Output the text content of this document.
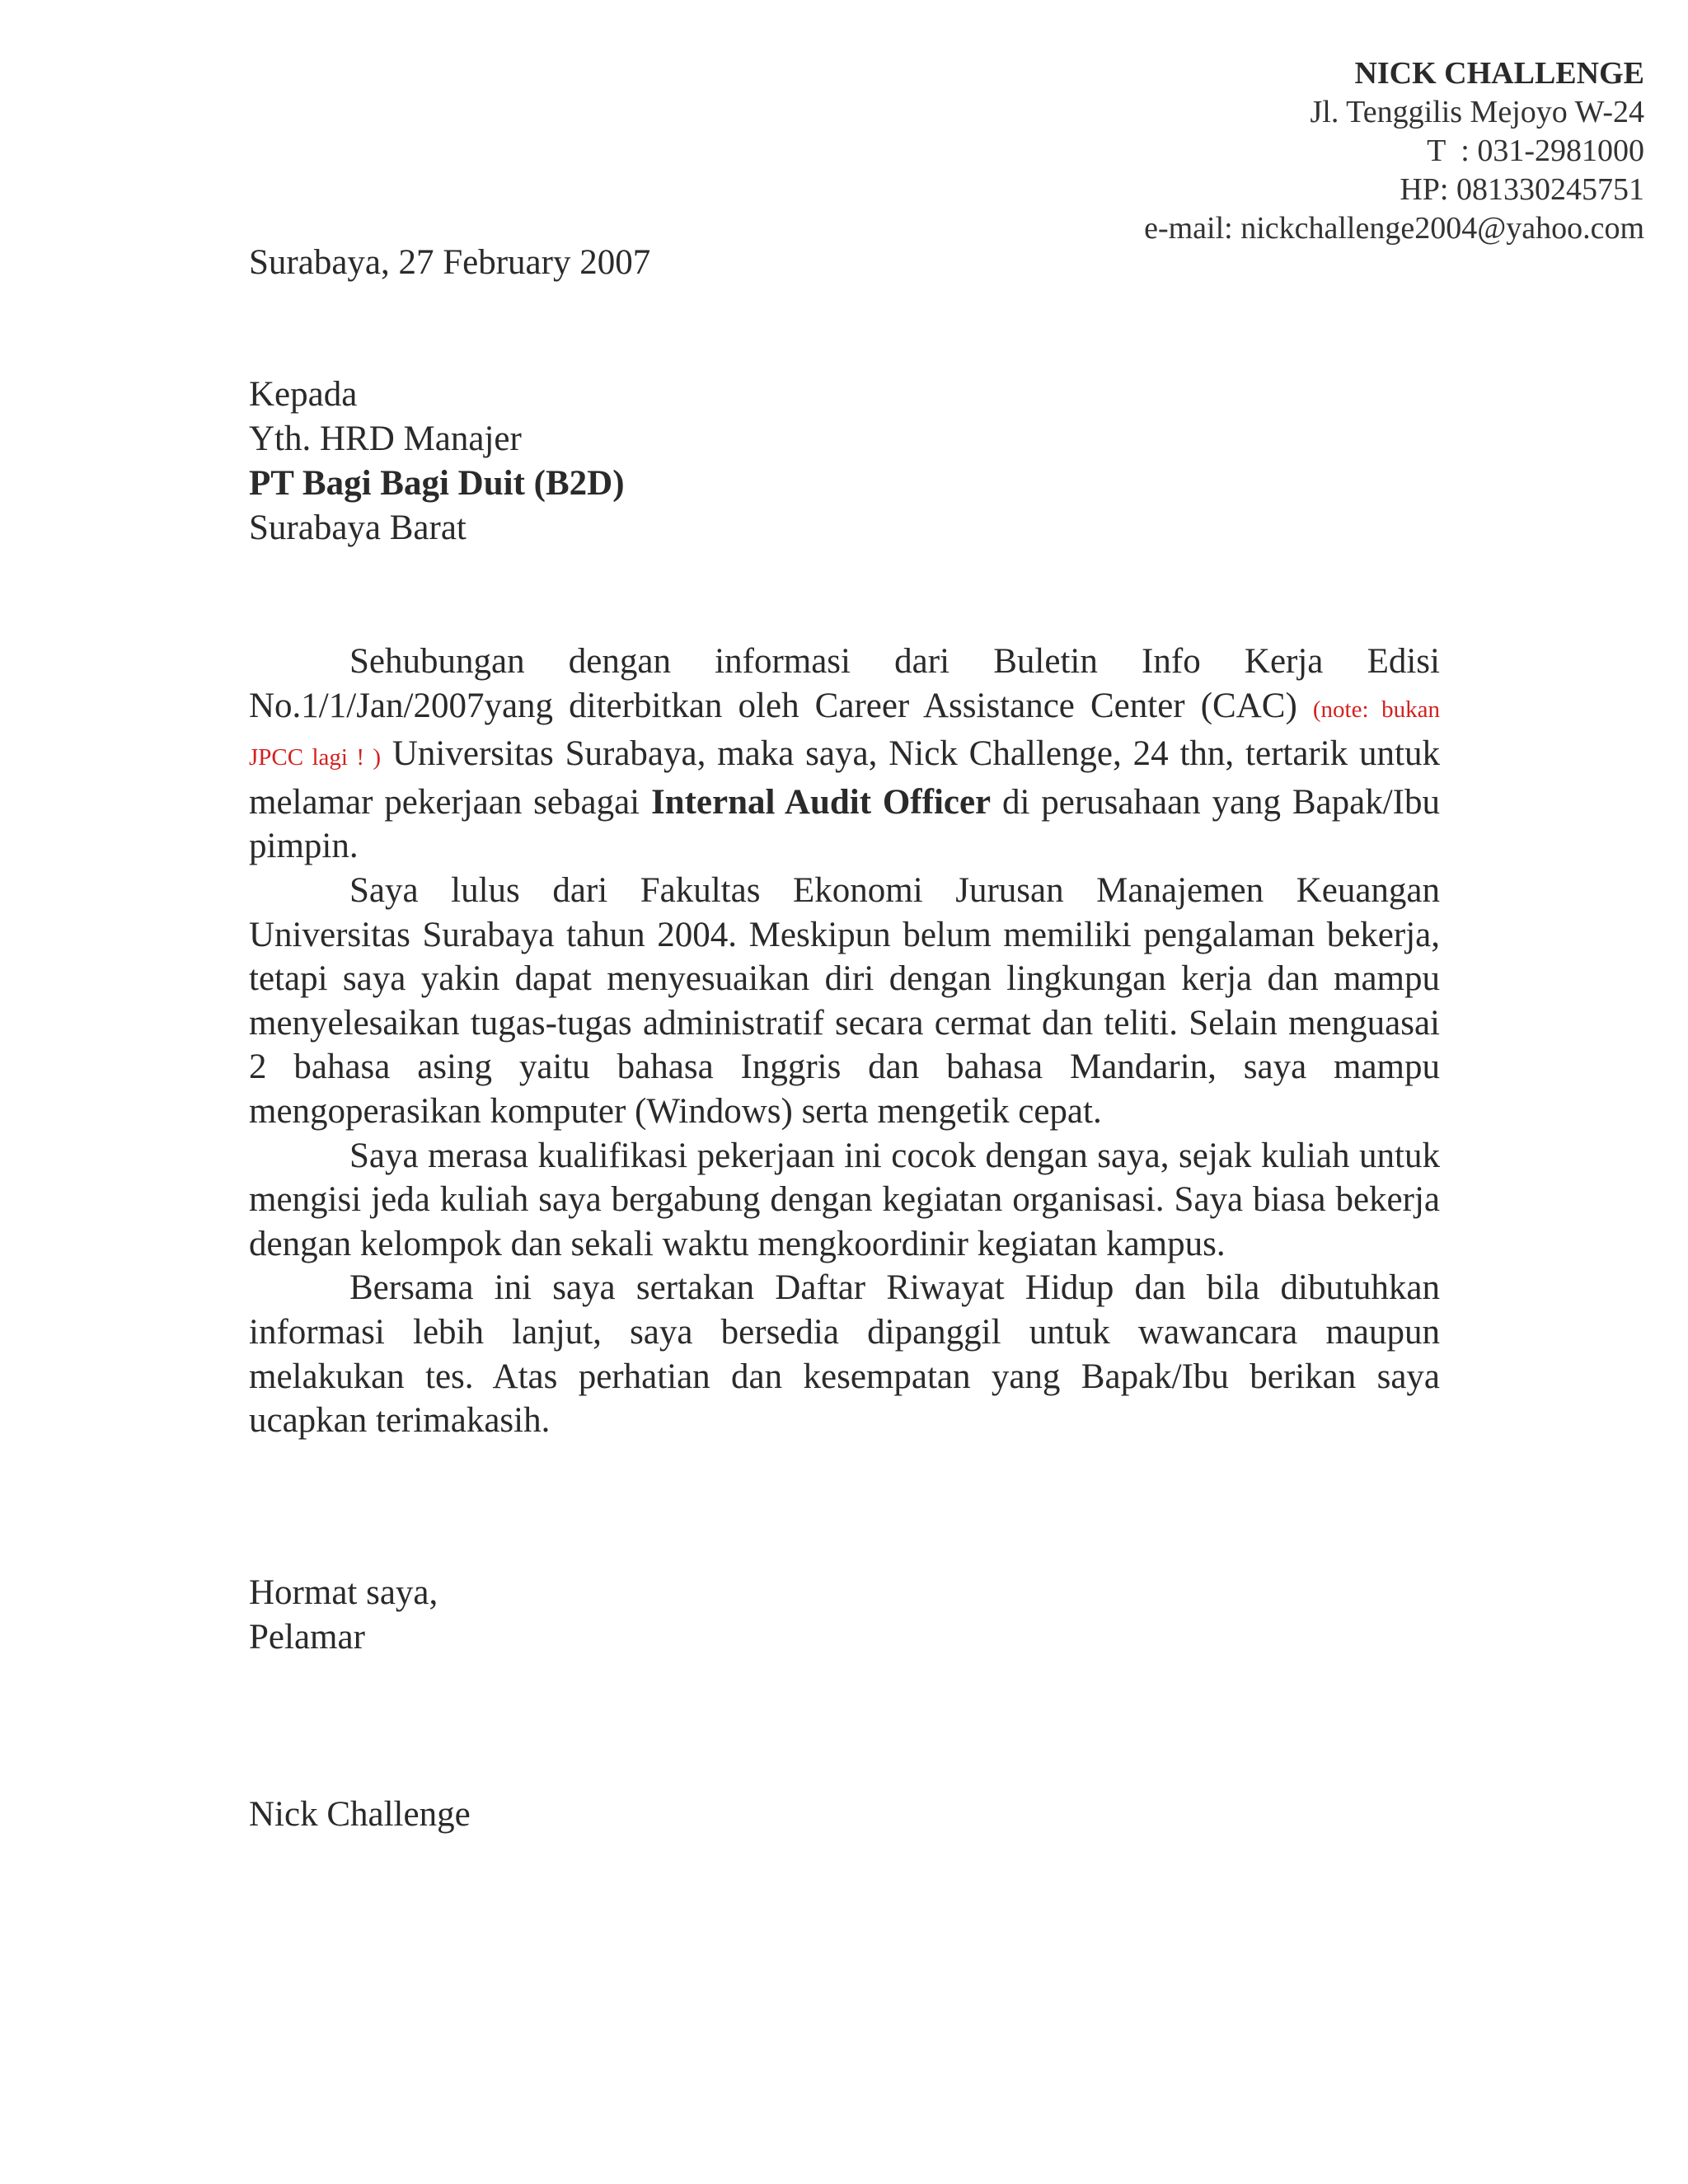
NICK CHALLENGE
Jl. Tenggilis Mejoyo W-24
T : 031-2981000
HP: 081330245751
e-mail: nickchallenge2004@yahoo.com
Surabaya, 27 February 2007
Kepada
Yth. HRD Manajer
PT Bagi Bagi Duit (B2D)
Surabaya Barat

Sehubungan dengan informasi dari Buletin Info Kerja Edisi No.1/1/Jan/2007yang diterbitkan oleh Career Assistance Center (CAC) (note: bukan JPCC lagi ! ) Universitas Surabaya, maka saya, Nick Challenge, 24 thn, tertarik untuk melamar pekerjaan sebagai Internal Audit Officer di perusahaan yang Bapak/Ibu pimpin.

Saya lulus dari Fakultas Ekonomi Jurusan Manajemen Keuangan Universitas Surabaya tahun 2004. Meskipun belum memiliki pengalaman bekerja, tetapi saya yakin dapat menyesuaikan diri dengan lingkungan kerja dan mampu menyelesaikan tugas-tugas administratif secara cermat dan teliti. Selain menguasai 2 bahasa asing yaitu bahasa Inggris dan bahasa Mandarin, saya mampu mengoperasikan komputer (Windows) serta mengetik cepat.

Saya merasa kualifikasi pekerjaan ini cocok dengan saya, sejak kuliah untuk mengisi jeda kuliah saya bergabung dengan kegiatan organisasi. Saya biasa bekerja dengan kelompok dan sekali waktu mengkoordinir kegiatan kampus.

Bersama ini saya sertakan Daftar Riwayat Hidup dan bila dibutuhkan informasi lebih lanjut, saya bersedia dipanggil untuk wawancara maupun melakukan tes. Atas perhatian dan kesempatan yang Bapak/Ibu berikan saya ucapkan terimakasih.

Hormat saya,
Pelamar
Nick Challenge
